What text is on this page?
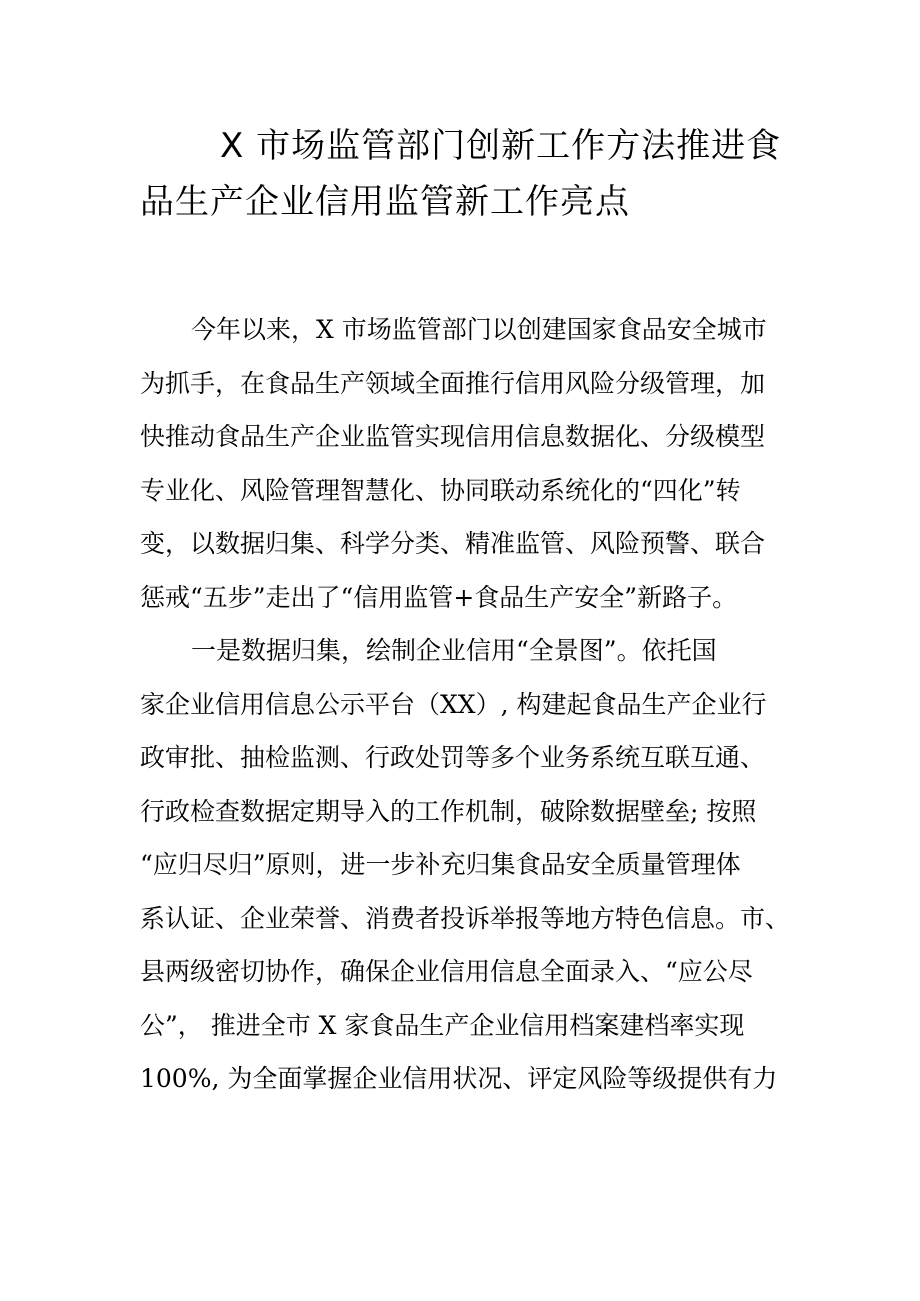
X 市场监管部门创新工作方法推进食
品生产企业信用监管新工作亮点
今年以来，X 市场监管部门以创建国家食品安全城市
为抓手，在食品生产领域全面推行信用风险分级管理，加
快推动食品生产企业监管实现信用信息数据化、分级模型
专业化、风险管理智慧化、协同联动系统化的“四化”转
变，以数据归集、科学分类、精准监管、风险预警、联合
惩戒“五步”走出了“信用监管+食品生产安全”新路子。
一是数据归集，绘制企业信用“全景图”。依托国
家企业信用信息公示平台（XX）, 构建起食品生产企业行
政审批、抽检监测、行政处罚等多个业务系统互联互通、
行政检查数据定期导入的工作机制，破除数据壁垒; 按照
“应归尽归”原则，进一步补充归集食品安全质量管理体
系认证、企业荣誉、消费者投诉举报等地方特色信息。市、
县两级密切协作，确保企业信用信息全面录入、“应公尽
公”， 推进全市 X 家食品生产企业信用档案建档率实现
100%, 为全面掌握企业信用状况、评定风险等级提供有力
